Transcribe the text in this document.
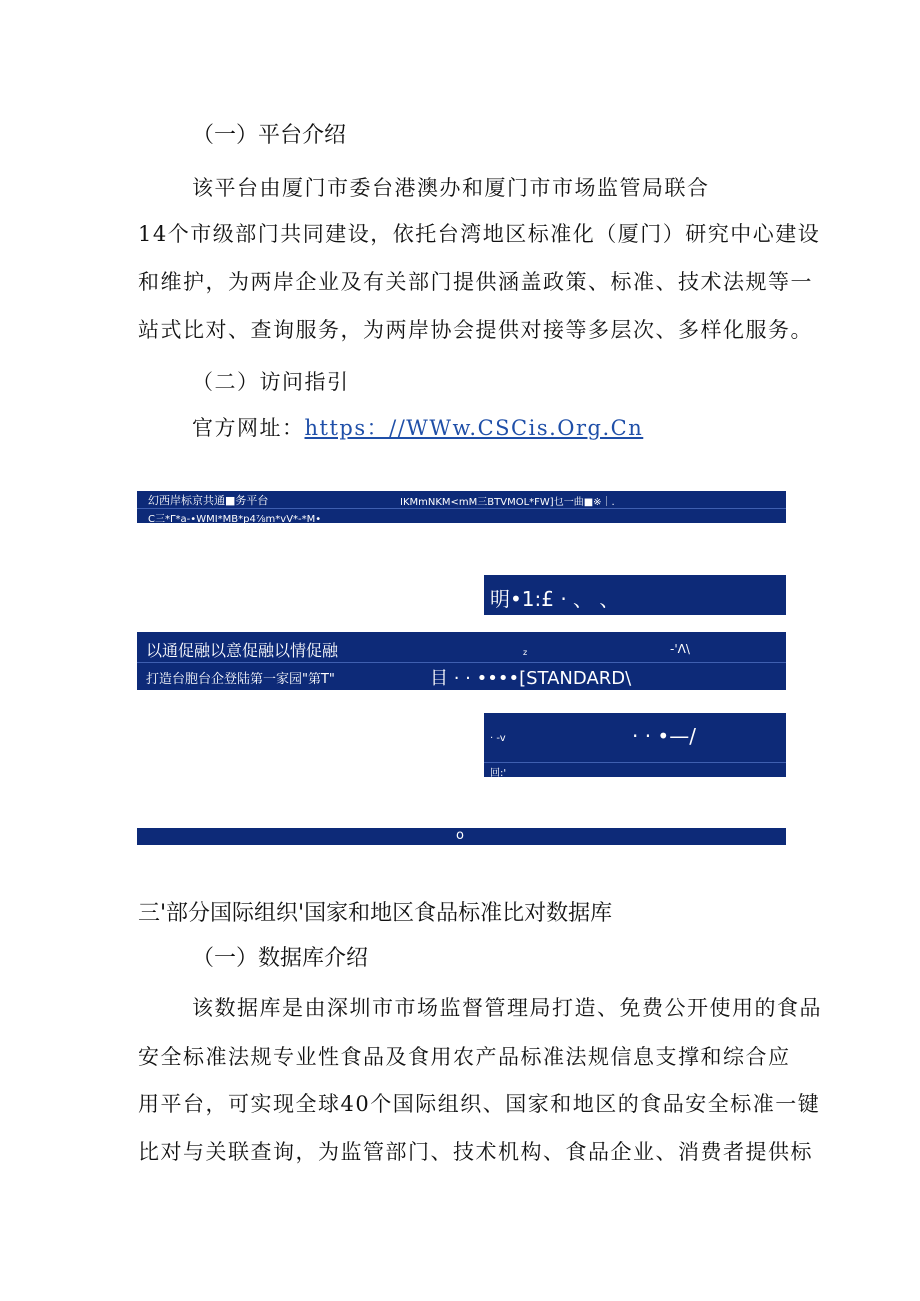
（一）平台介绍
该平台由厦门市委台港澳办和厦门市市场监管局联合
14个市级部门共同建设，依托台湾地区标准化（厦门）研究中心建设
和维护，为两岸企业及有关部门提供涵盖政策、标准、技术法规等一
站式比对、查询服务，为两岸协会提供对接等多层次、多样化服务。
（二）访问指引
官方网址：https：//WWw.CSCis.Org.Cn
幻西岸标京共通■务平台	IKMmNKM<mM三BTVMOL*FW]乜一曲■※｜.
C三*Γ*a-•WMI*MB*p4⅞m*vV*-*M•
明•1:£ · 、 、
以通促融以意促融以情促融	z	-'Λ\
打造台胞台企登陆第一家园"第T"	目 · · ••••[STANDARD\
· -v	· · •—/
回:'
o
三'部分国际组织'国家和地区食品标准比对数据库
（一）数据库介绍
该数据库是由深圳市市场监督管理局打造、免费公开使用的食品
安全标准法规专业性食品及食用农产品标准法规信息支撑和综合应
用平台，可实现全球40个国际组织、国家和地区的食品安全标准一键
比对与关联查询，为监管部门、技术机构、食品企业、消费者提供标
